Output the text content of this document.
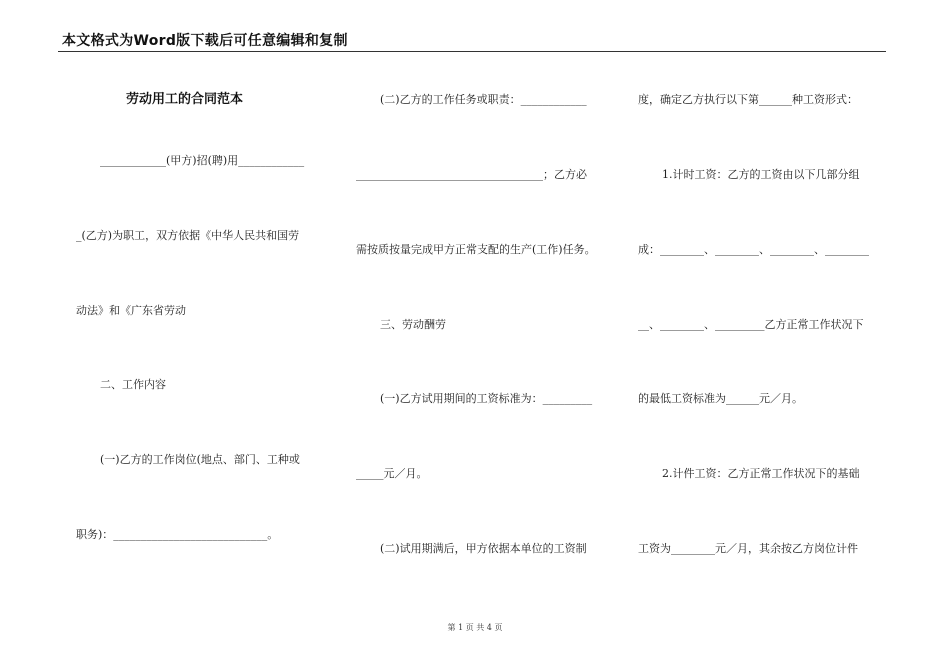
本文格式为Word版下载后可任意编辑和复制
劳动用工的合同范本
____________(甲方)招(聘)用____________
_(乙方)为职工，双方依据《中华人民共和国劳
动法》和《广东省劳动
二、工作内容
(一)乙方的工作岗位(地点、部门、工种或
职务)：____________________________。
(二)乙方的工作任务或职责：____________
__________________________________；乙方必
需按质按量完成甲方正常支配的生产(工作)任务。
三、劳动酬劳
(一)乙方试用期间的工资标准为：_________
_____元／月。
(二)试用期满后，甲方依据本单位的工资制
度，确定乙方执行以下第______种工资形式：
1.计时工资：乙方的工资由以下几部分组
成：________、________、________、________
__、________、_________乙方正常工作状况下
的最低工资标准为______元／月。
2.计件工资：乙方正常工作状况下的基础
工资为________元／月，其余按乙方岗位计件
第 1 页 共 4 页
